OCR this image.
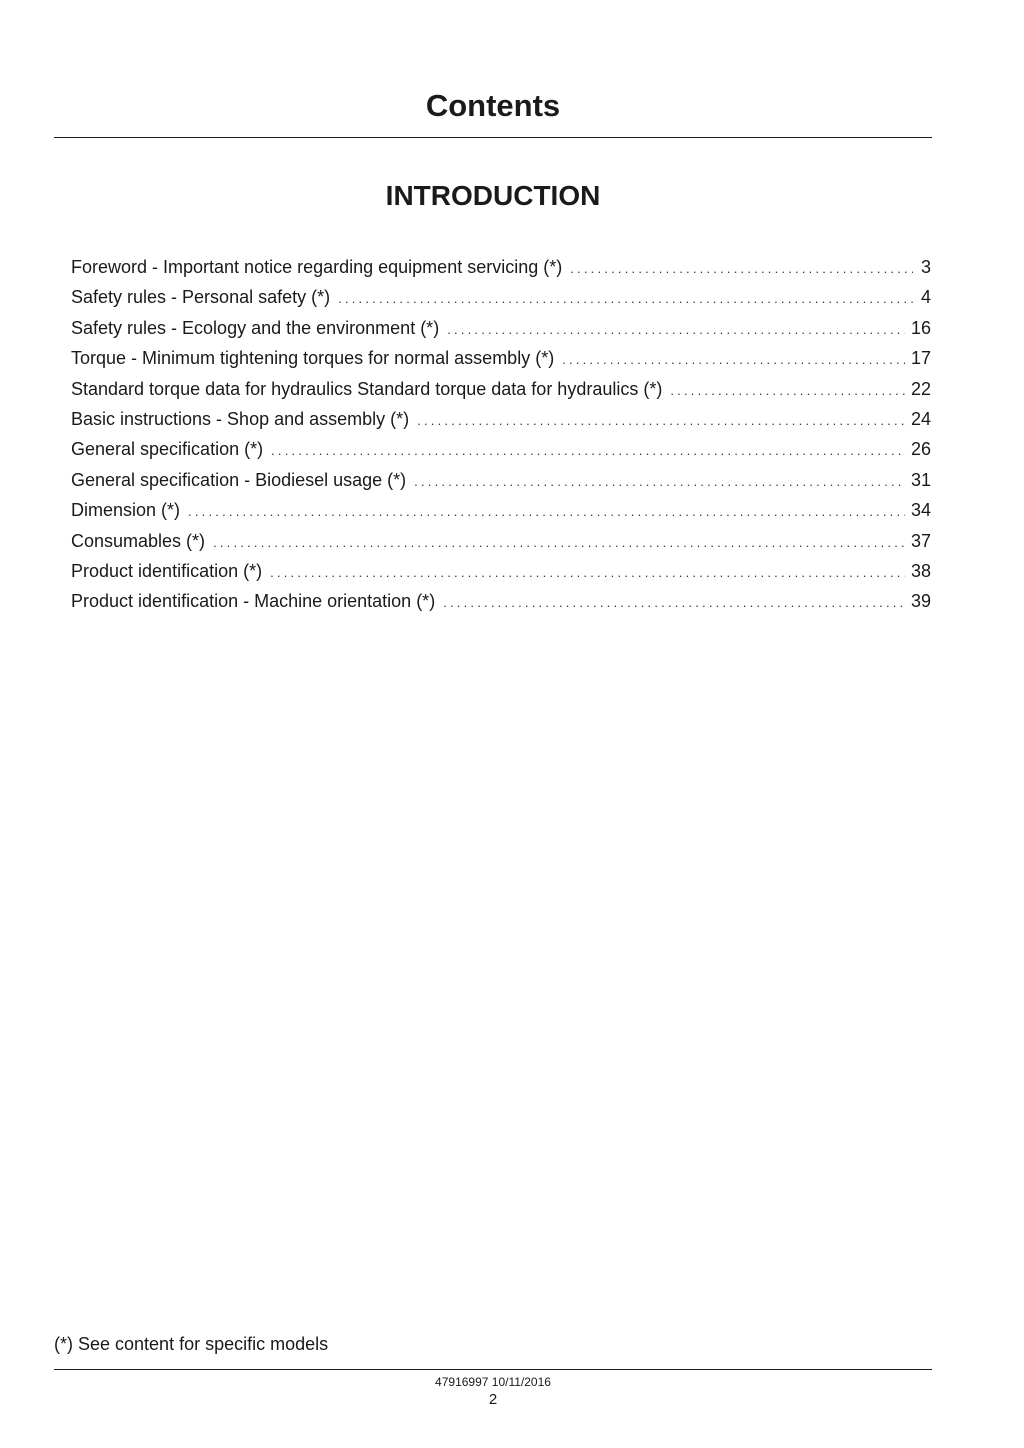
Contents
INTRODUCTION
Foreword - Important notice regarding equipment servicing (*) .....	3
Safety rules - Personal safety (*) .....	4
Safety rules - Ecology and the environment (*) .....	16
Torque - Minimum tightening torques for normal assembly (*) .....	17
Standard torque data for hydraulics Standard torque data for hydraulics (*) .....	22
Basic instructions - Shop and assembly (*) .....	24
General specification (*) .....	26
General specification - Biodiesel usage (*) .....	31
Dimension (*) .....	34
Consumables (*) .....	37
Product identification (*) .....	38
Product identification - Machine orientation (*) .....	39

(*) See content for specific models

47916997 10/11/2016

2
